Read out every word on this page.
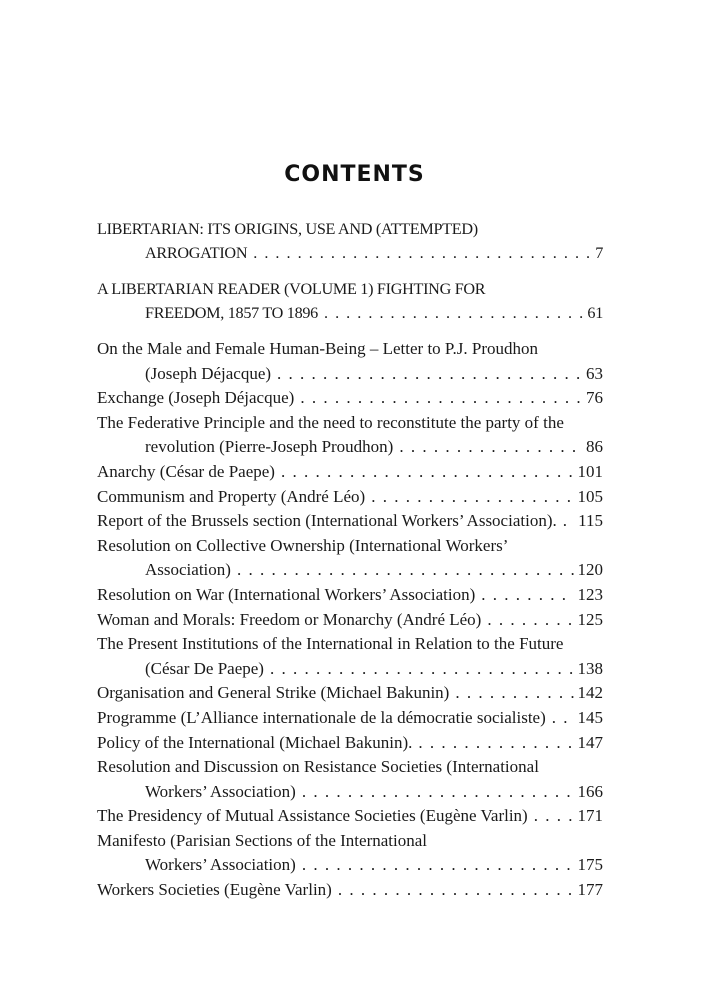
CONTENTS
LIBERTARIAN: ITS ORIGINS, USE AND (ATTEMPTED)
ARROGATION . . .	7
A LIBERTARIAN READER (VOLUME 1) FIGHTING FOR
FREEDOM, 1857 TO 1896 . . .	61
On the Male and Female Human-Being – Letter to P.J. Proudhon
(Joseph Déjacque) . . .	63
Exchange (Joseph Déjacque) . . .	76
The Federative Principle and the need to reconstitute the party of the
revolution (Pierre-Joseph Proudhon) . . .	86
Anarchy (César de Paepe) . . .	101
Communism and Property (André Léo) . . .	105
Report of the Brussels section (International Workers’ Association). . . . 115
Resolution on Collective Ownership (International Workers’
Association) . . .	120
Resolution on War (International Workers’ Association) . . .	123
Woman and Morals: Freedom or Monarchy (André Léo) . . .	125
The Present Institutions of the International in Relation to the Future
(César De Paepe) . . .	138
Organisation and General Strike (Michael Bakunin) . . .	142
Programme (L’Alliance internationale de la démocratie socialiste) . . . 145
Policy of the International (Michael Bakunin). . . .	147
Resolution and Discussion on Resistance Societies (International
Workers’ Association) . . .	166
The Presidency of Mutual Assistance Societies (Eugène Varlin) . . .	171
Manifesto (Parisian Sections of the International
Workers’ Association) . . .	175
Workers Societies (Eugène Varlin) . . .	177
